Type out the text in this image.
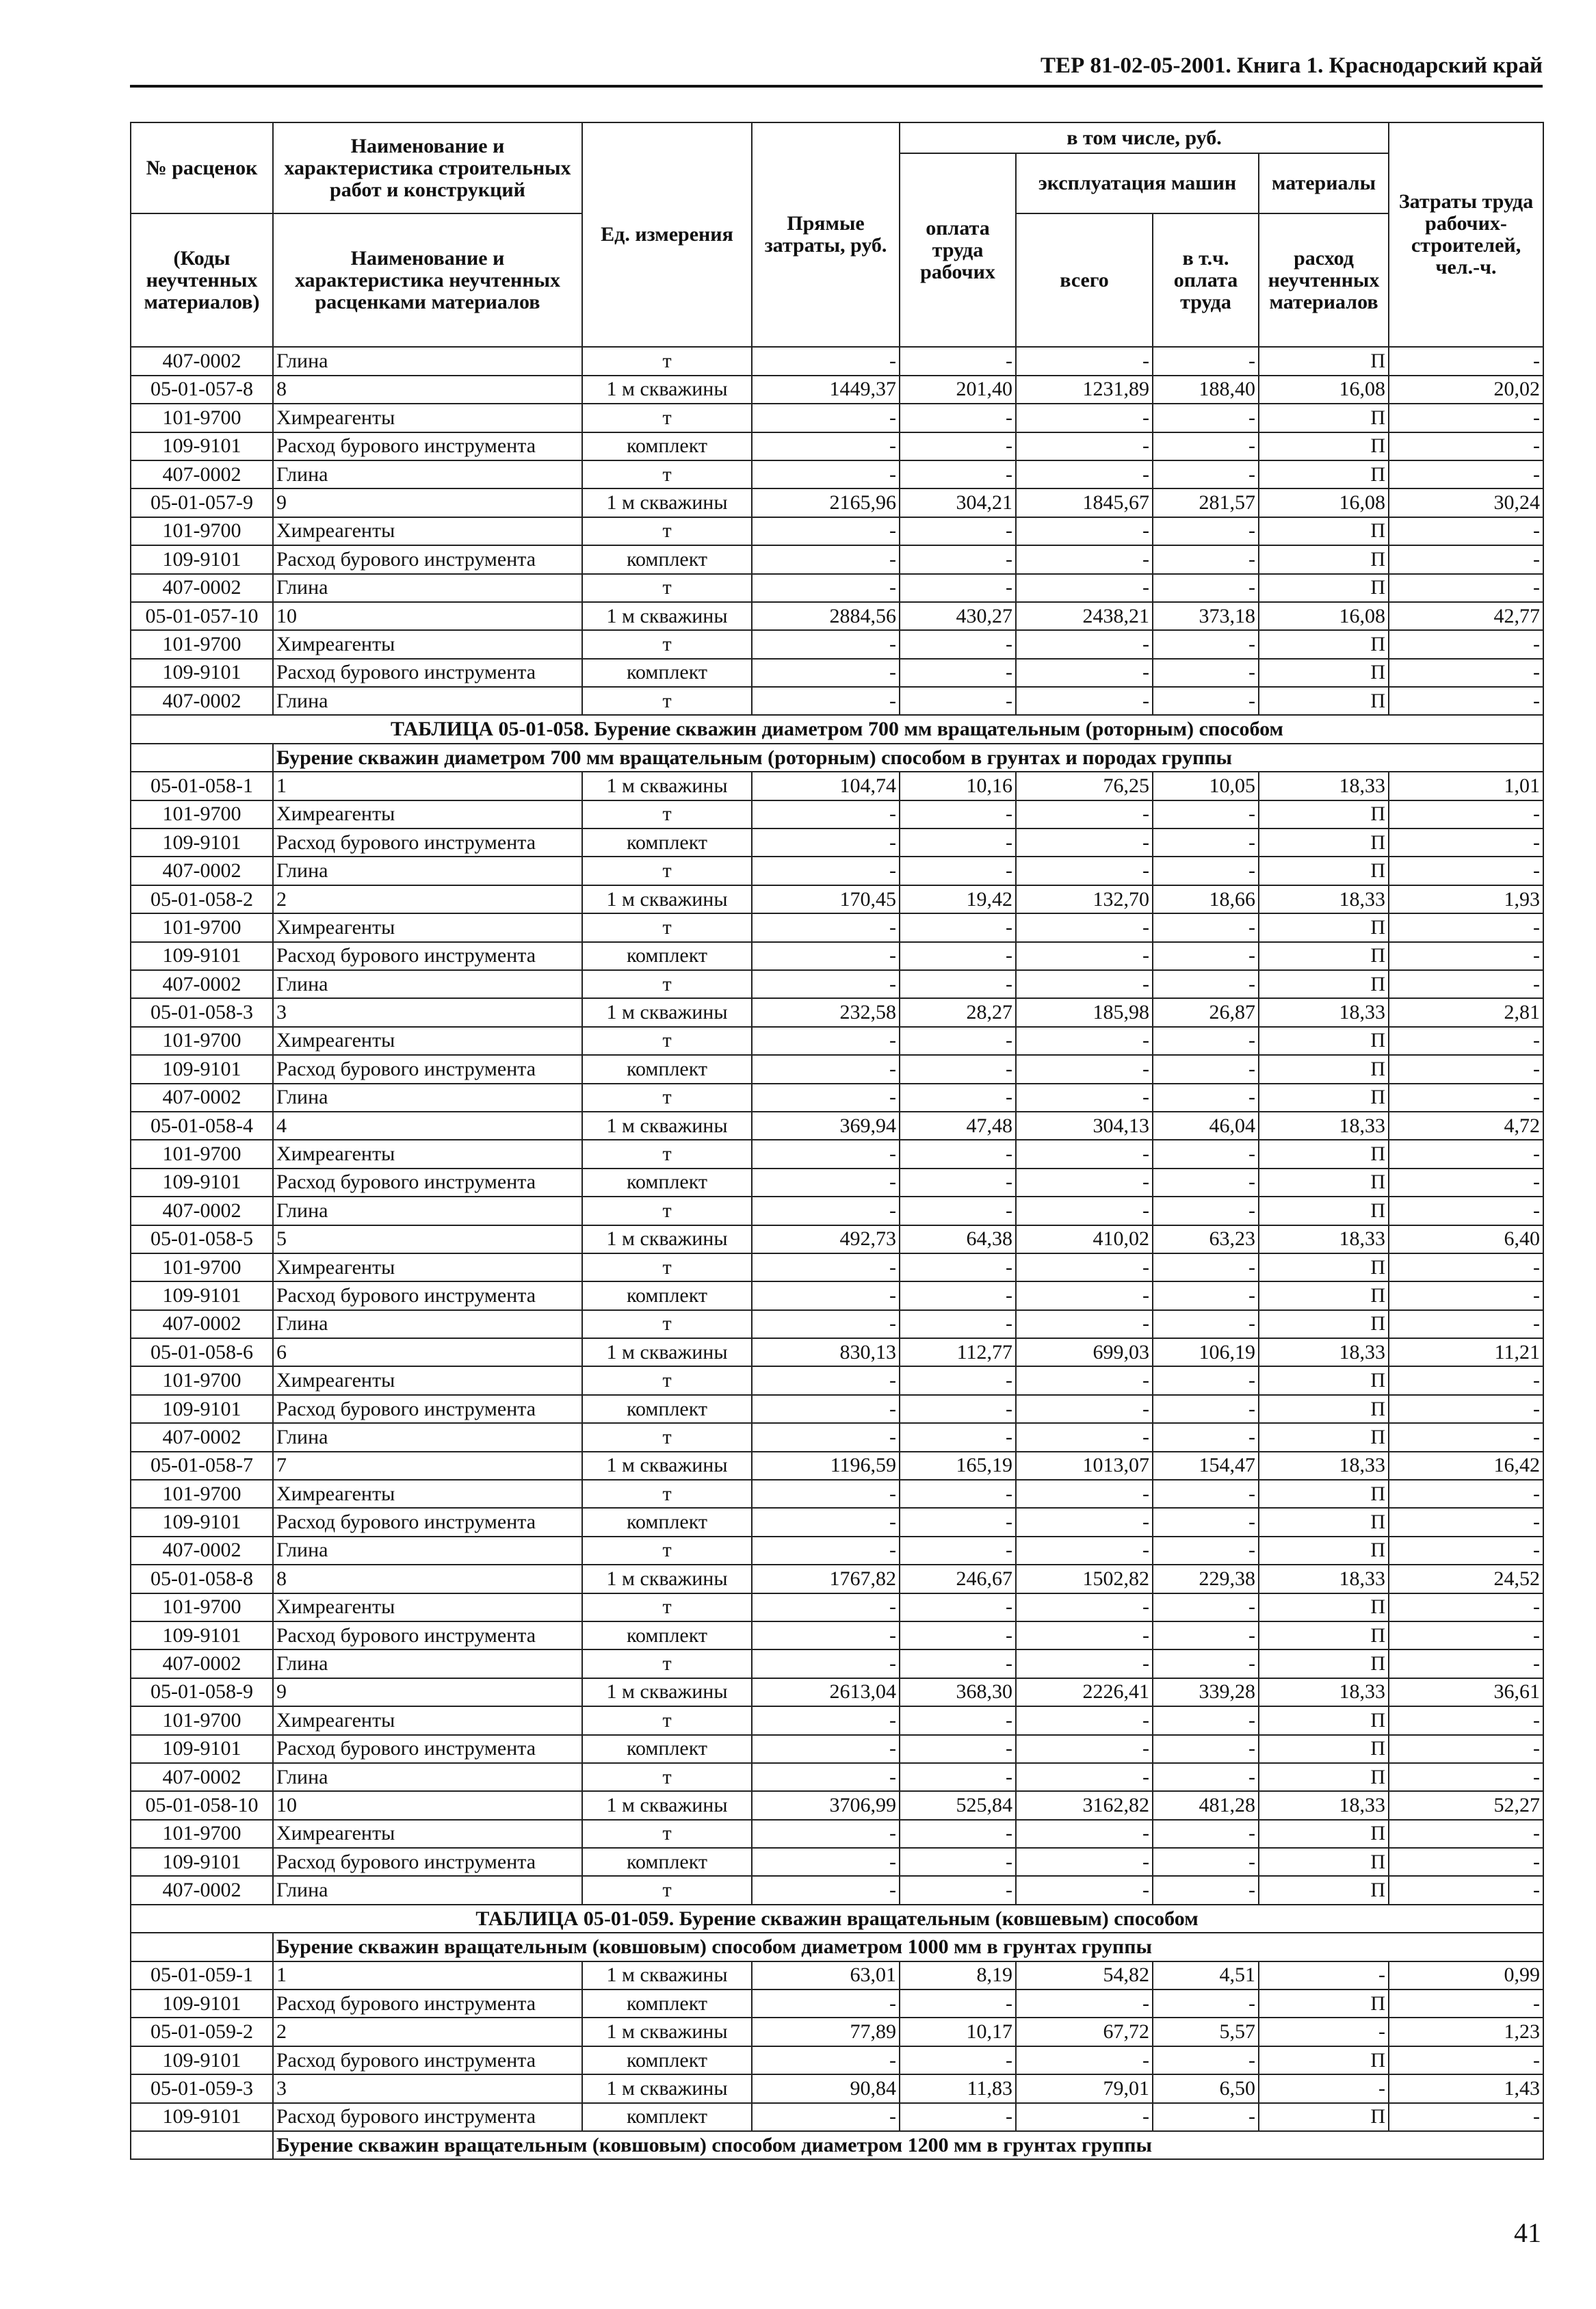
ТЕР 81-02-05-2001. Книга 1. Краснодарский край
№ расценок	Наименование и характеристика строительных работ и конструкций	Ед. измерения	Прямые затраты, руб.	в том числе, руб.				Затраты труда рабочих-строителей, чел.-ч.
				оплата труда рабочих	эксплуатация машин		материалы	

(Коды неучтенных материалов)	Наименование и характеристика неучтенных расценками материалов				всего	в т.ч. оплата труда	расход неучтенных материалов	

407-0002	Глина	т	-	-	-	-	П	-
05-01-057-8	8	1 м скважины	1449,37	201,40	1231,89	188,40	16,08	20,02
101-9700	Химреагенты	т	-	-	-	-	П	-
109-9101	Расход бурового инструмента	комплект	-	-	-	-	П	-
407-0002	Глина	т	-	-	-	-	П	-
05-01-057-9	9	1 м скважины	2165,96	304,21	1845,67	281,57	16,08	30,24
101-9700	Химреагенты	т	-	-	-	-	П	-
109-9101	Расход бурового инструмента	комплект	-	-	-	-	П	-
407-0002	Глина	т	-	-	-	-	П	-
05-01-057-10	10	1 м скважины	2884,56	430,27	2438,21	373,18	16,08	42,77
101-9700	Химреагенты	т	-	-	-	-	П	-
109-9101	Расход бурового инструмента	комплект	-	-	-	-	П	-
407-0002	Глина	т	-	-	-	-	П	-
ТАБЛИЦА 05-01-058. Бурение скважин диаметром 700 мм вращательным (роторным) способом								
	Бурение скважин диаметром 700 мм вращательным (роторным) способом в грунтах и породах группы							
05-01-058-1	1	1 м скважины	104,74	10,16	76,25	10,05	18,33	1,01
101-9700	Химреагенты	т	-	-	-	-	П	-
109-9101	Расход бурового инструмента	комплект	-	-	-	-	П	-
407-0002	Глина	т	-	-	-	-	П	-
05-01-058-2	2	1 м скважины	170,45	19,42	132,70	18,66	18,33	1,93
101-9700	Химреагенты	т	-	-	-	-	П	-
109-9101	Расход бурового инструмента	комплект	-	-	-	-	П	-
407-0002	Глина	т	-	-	-	-	П	-
05-01-058-3	3	1 м скважины	232,58	28,27	185,98	26,87	18,33	2,81
101-9700	Химреагенты	т	-	-	-	-	П	-
109-9101	Расход бурового инструмента	комплект	-	-	-	-	П	-
407-0002	Глина	т	-	-	-	-	П	-
05-01-058-4	4	1 м скважины	369,94	47,48	304,13	46,04	18,33	4,72
101-9700	Химреагенты	т	-	-	-	-	П	-
109-9101	Расход бурового инструмента	комплект	-	-	-	-	П	-
407-0002	Глина	т	-	-	-	-	П	-
05-01-058-5	5	1 м скважины	492,73	64,38	410,02	63,23	18,33	6,40
101-9700	Химреагенты	т	-	-	-	-	П	-
109-9101	Расход бурового инструмента	комплект	-	-	-	-	П	-
407-0002	Глина	т	-	-	-	-	П	-
05-01-058-6	6	1 м скважины	830,13	112,77	699,03	106,19	18,33	11,21
101-9700	Химреагенты	т	-	-	-	-	П	-
109-9101	Расход бурового инструмента	комплект	-	-	-	-	П	-
407-0002	Глина	т	-	-	-	-	П	-
05-01-058-7	7	1 м скважины	1196,59	165,19	1013,07	154,47	18,33	16,42
101-9700	Химреагенты	т	-	-	-	-	П	-
109-9101	Расход бурового инструмента	комплект	-	-	-	-	П	-
407-0002	Глина	т	-	-	-	-	П	-
05-01-058-8	8	1 м скважины	1767,82	246,67	1502,82	229,38	18,33	24,52
101-9700	Химреагенты	т	-	-	-	-	П	-
109-9101	Расход бурового инструмента	комплект	-	-	-	-	П	-
407-0002	Глина	т	-	-	-	-	П	-
05-01-058-9	9	1 м скважины	2613,04	368,30	2226,41	339,28	18,33	36,61
101-9700	Химреагенты	т	-	-	-	-	П	-
109-9101	Расход бурового инструмента	комплект	-	-	-	-	П	-
407-0002	Глина	т	-	-	-	-	П	-
05-01-058-10	10	1 м скважины	3706,99	525,84	3162,82	481,28	18,33	52,27
101-9700	Химреагенты	т	-	-	-	-	П	-
109-9101	Расход бурового инструмента	комплект	-	-	-	-	П	-
407-0002	Глина	т	-	-	-	-	П	-
ТАБЛИЦА 05-01-059. Бурение скважин вращательным (ковшевым) способом								
	Бурение скважин вращательным (ковшовым) способом диаметром 1000 мм в грунтах группы							
05-01-059-1	1	1 м скважины	63,01	8,19	54,82	4,51	-	0,99
109-9101	Расход бурового инструмента	комплект	-	-	-	-	П	-
05-01-059-2	2	1 м скважины	77,89	10,17	67,72	5,57	-	1,23
109-9101	Расход бурового инструмента	комплект	-	-	-	-	П	-
05-01-059-3	3	1 м скважины	90,84	11,83	79,01	6,50	-	1,43
109-9101	Расход бурового инструмента	комплект	-	-	-	-	П	-
	Бурение скважин вращательным (ковшовым) способом диаметром 1200 мм в грунтах группы							
41
